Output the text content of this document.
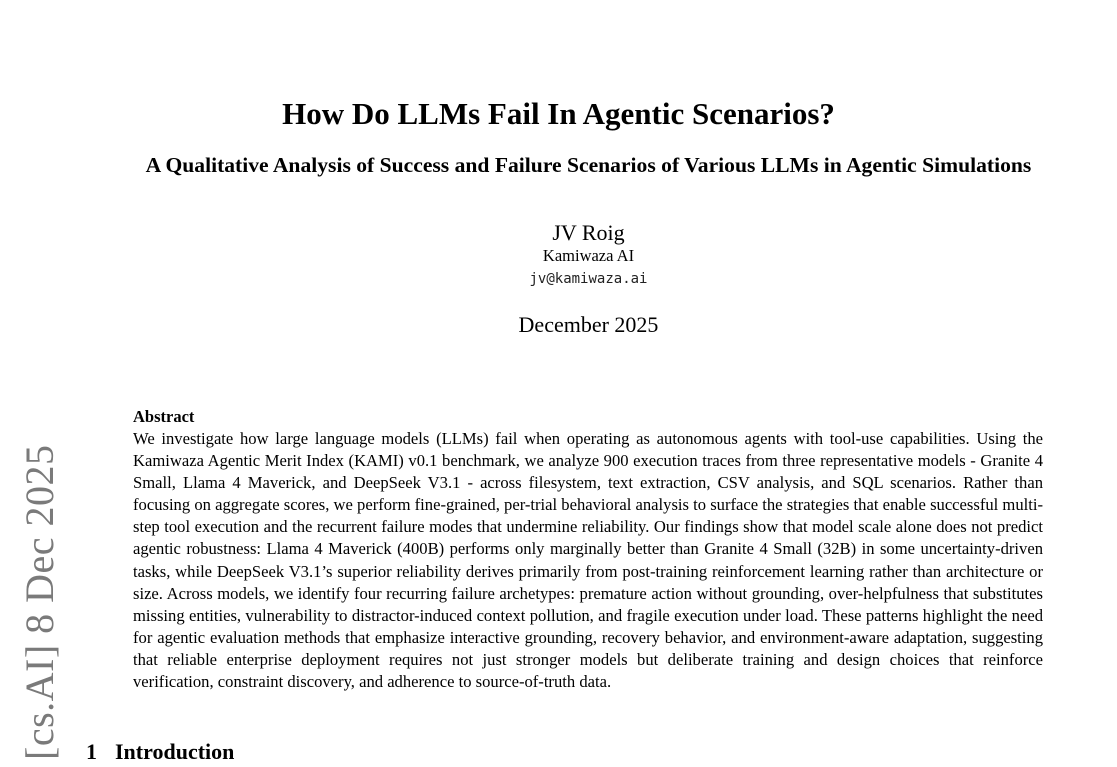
How Do LLMs Fail In Agentic Scenarios?
A Qualitative Analysis of Success and Failure Scenarios of Various LLMs in Agentic Simulations
JV Roig
Kamiwaza AI
jv@kamiwaza.ai
December 2025
Abstract
We investigate how large language models (LLMs) fail when operating as autonomous agents with tool-use capabilities. Using the Kamiwaza Agentic Merit Index (KAMI) v0.1 benchmark, we analyze 900 execution traces from three representative models - Granite 4 Small, Llama 4 Maverick, and DeepSeek V3.1 - across filesystem, text extraction, CSV analysis, and SQL scenarios. Rather than focusing on aggregate scores, we perform fine-grained, per-trial behavioral analysis to surface the strategies that enable successful multi-step tool execution and the recurrent failure modes that undermine reliability. Our findings show that model scale alone does not predict agentic robustness: Llama 4 Maverick (400B) performs only marginally better than Granite 4 Small (32B) in some uncertainty-driven tasks, while DeepSeek V3.1’s superior reliability derives primarily from post-training reinforcement learning rather than architecture or size. Across models, we identify four recurring failure archetypes: premature action without grounding, over-helpfulness that substitutes missing entities, vulnerability to distractor-induced context pollution, and fragile execution under load. These patterns highlight the need for agentic evaluation methods that emphasize interactive grounding, recovery behavior, and environment-aware adaptation, suggesting that reliable enterprise deployment requires not just stronger models but deliberate training and design choices that reinforce verification, constraint discovery, and adherence to source-of-truth data.
[cs.AI] 8 Dec 2025 1 Introduction
